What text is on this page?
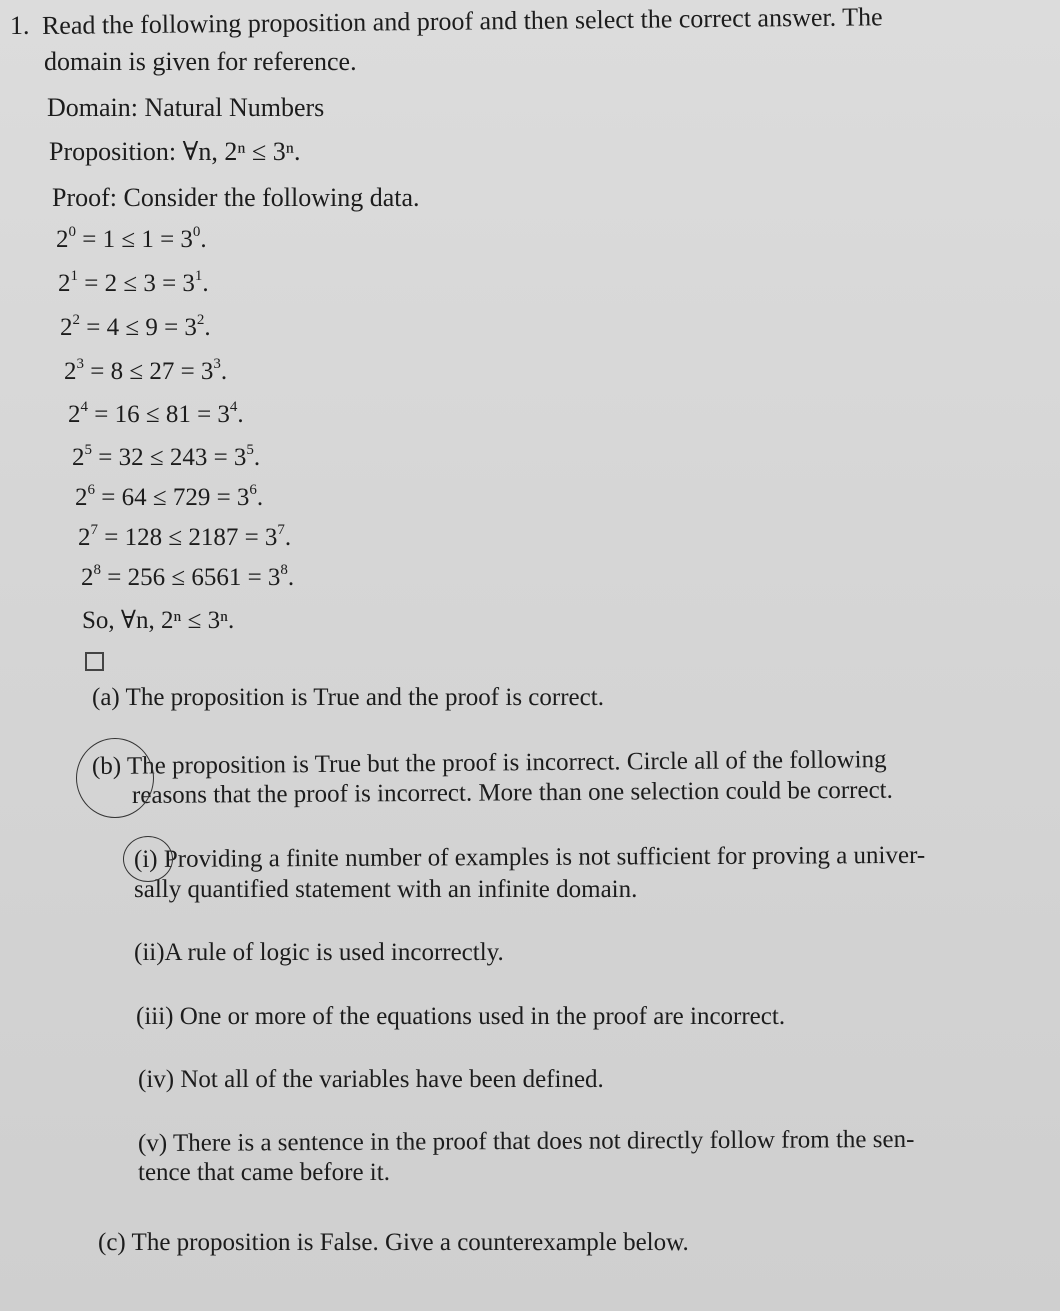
1. Read the following proposition and proof and then select the correct answer. The
domain is given for reference.
Domain: Natural Numbers
Proposition: ∀n, 2ⁿ ≤ 3ⁿ.
Proof: Consider the following data.
$2^0 = 1 \le 1 = 3^0$.
$2^1 = 2 \le 3 = 3^1$.
$2^2 = 4 \le 9 = 3^2$.
$2^3 = 8 \le 27 = 3^3$.
$2^4 = 16 \le 81 = 3^4$.
$2^5 = 32 \le 243 = 3^5$.
$2^6 = 64 \le 729 = 3^6$.
$2^7 = 128 \le 2187 = 3^7$.
$2^8 = 256 \le 6561 = 3^8$.
So, ∀n, 2ⁿ ≤ 3ⁿ.
(a) The proposition is True and the proof is correct.
(b) The proposition is True but the proof is incorrect. Circle all of the following
reasons that the proof is incorrect. More than one selection could be correct.
(i) Providing a finite number of examples is not sufficient for proving a univer-
sally quantified statement with an infinite domain.
(ii)A rule of logic is used incorrectly.
(iii) One or more of the equations used in the proof are incorrect.
(iv) Not all of the variables have been defined.
(v) There is a sentence in the proof that does not directly follow from the sen-
tence that came before it.
(c) The proposition is False. Give a counterexample below.
